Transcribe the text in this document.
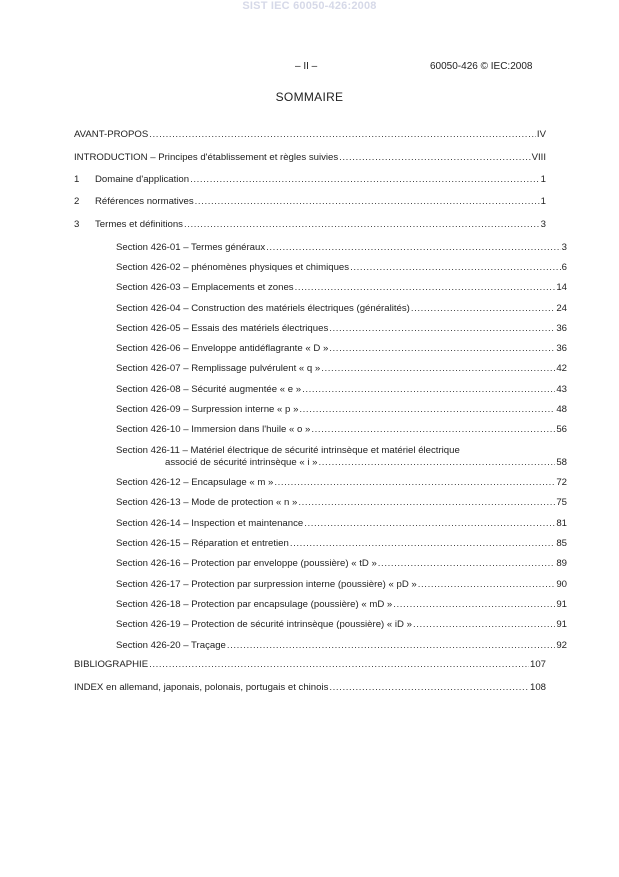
SIST IEC 60050-426:2008
– II –	60050-426 © IEC:2008
SOMMAIRE
AVANT-PROPOS .....	IV
INTRODUCTION – Principes d'établissement et règles suivies .....	VIII
1	Domaine d'application .....	1
2	Références normatives .....	1
3	Termes et définitions .....	3
Section 426-01 – Termes généraux .....	3
Section 426-02 – phénomènes physiques et chimiques .....	6
Section 426-03 – Emplacements et zones .....	14
Section 426-04 – Construction des matériels électriques (généralités) .....	24
Section 426-05 – Essais des matériels électriques .....	36
Section 426-06 – Enveloppe antidéflagrante « D » .....	36
Section 426-07 – Remplissage pulvérulent « q » .....	42
Section 426-08 – Sécurité augmentée « e » .....	43
Section 426-09 – Surpression interne « p » .....	48
Section 426-10 – Immersion dans l'huile « o » .....	56
Section 426-11 – Matériel électrique de sécurité intrinsèque et matériel électrique
associé de sécurité intrinsèque « i » .....	58
Section 426-12 – Encapsulage « m » .....	72
Section 426-13 – Mode de protection « n » .....	75
Section 426-14 – Inspection et maintenance .....	81
Section 426-15 – Réparation et entretien .....	85
Section 426-16 – Protection par enveloppe (poussière) « tD » .....	89
Section 426-17 – Protection par surpression interne (poussière) « pD » .....	90
Section 426-18 – Protection par encapsulage (poussière) « mD » .....	91
Section 426-19 – Protection de sécurité intrinsèque (poussière) « iD » .....	91
Section 426-20 – Traçage .....	92
BIBLIOGRAPHIE .....	107
INDEX en allemand, japonais, polonais, portugais et chinois .....	108
